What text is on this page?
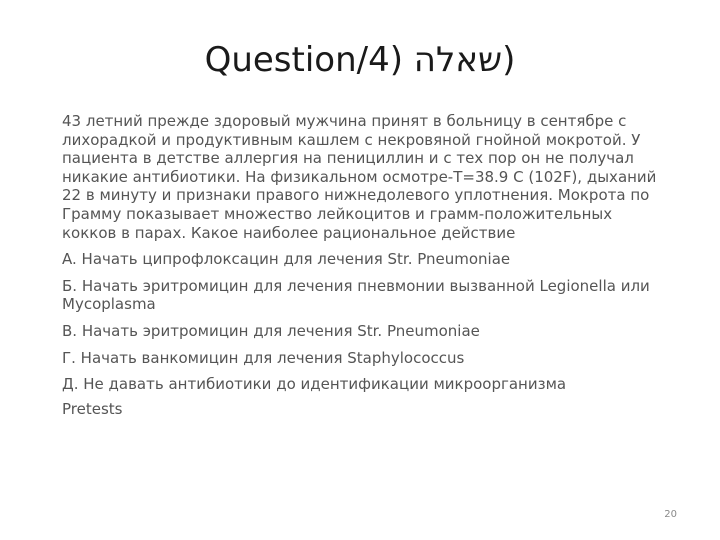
Question/4) שאלה)

43 летний прежде здоровый мужчина принят в больницу в сентябре с лихорадкой и продуктивным кашлем с некровяной гнойной мокротой. У пациента в детстве аллергия на пенициллин и с тех пор он не получал никакие антибиотики. На физикальном осмотре-T=38.9 C (102F), дыханий 22 в минуту и признаки правого нижнедолевого уплотнения. Мокрота по Грамму показывает множество лейкоцитов и грамм-положительных кокков в парах. Какое наиболее рациональное действие

A. Начать ципрофлоксацин для лечения Str. Pneumoniae

Б. Начать эритромицин для лечения пневмонии вызванной Legionella или Mycoplasma

В. Начать эритромицин для лечения Str. Pneumoniae

Г. Начать ванкомицин для лечения Staphylococcus

Д. Не давать антибиотики до идентификации микроорганизма

Pretests

20
